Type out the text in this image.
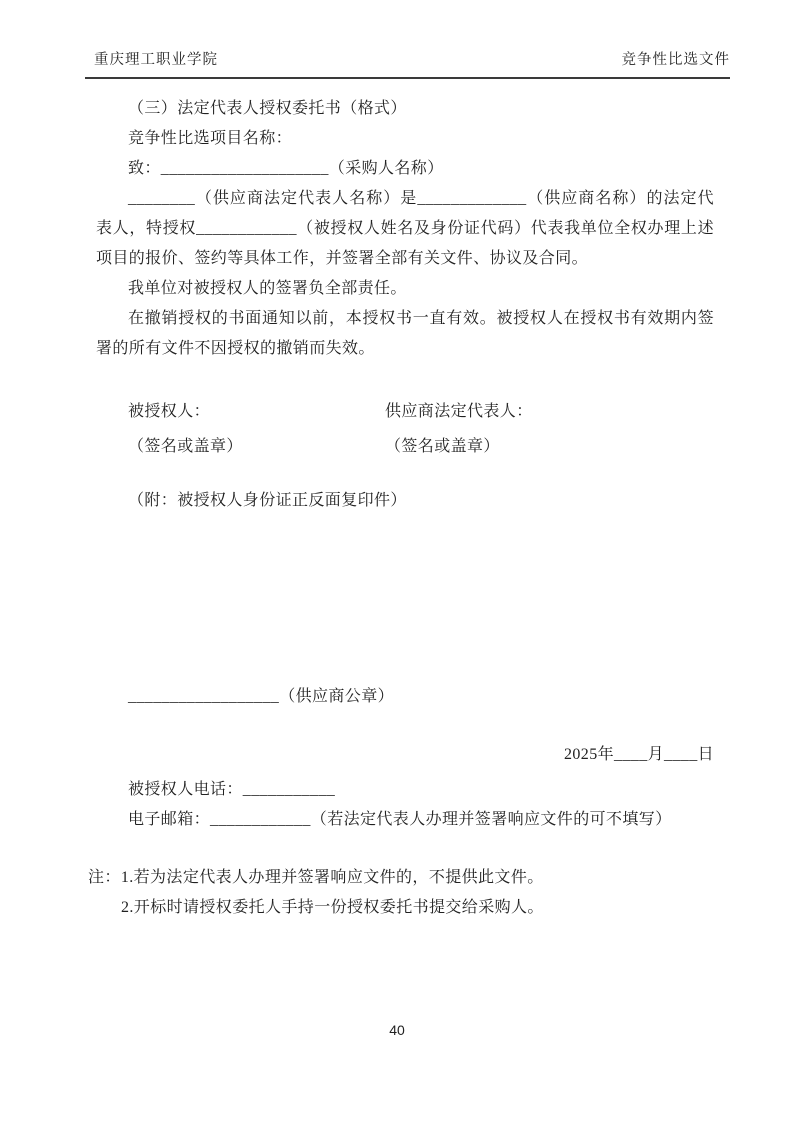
重庆理工职业学院	竞争性比选文件
（三）法定代表人授权委托书（格式）
竞争性比选项目名称：
致：____________________（采购人名称）
________（供应商法定代表人名称）是_____________（供应商名称）的法定代
表人，特授权____________（被授权人姓名及身份证代码）代表我单位全权办理上述
项目的报价、签约等具体工作，并签署全部有关文件、协议及合同。
我单位对被授权人的签署负全部责任。
在撤销授权的书面通知以前，本授权书一直有效。被授权人在授权书有效期内签
署的所有文件不因授权的撤销而失效。
被授权人：	供应商法定代表人：
（签名或盖章）	（签名或盖章）
（附：被授权人身份证正反面复印件）
__________________（供应商公章）
2025年____月____日
被授权人电话：___________
电子邮箱：____________（若法定代表人办理并签署响应文件的可不填写）
注：1.若为法定代表人办理并签署响应文件的，不提供此文件。
2.开标时请授权委托人手持一份授权委托书提交给采购人。
40
